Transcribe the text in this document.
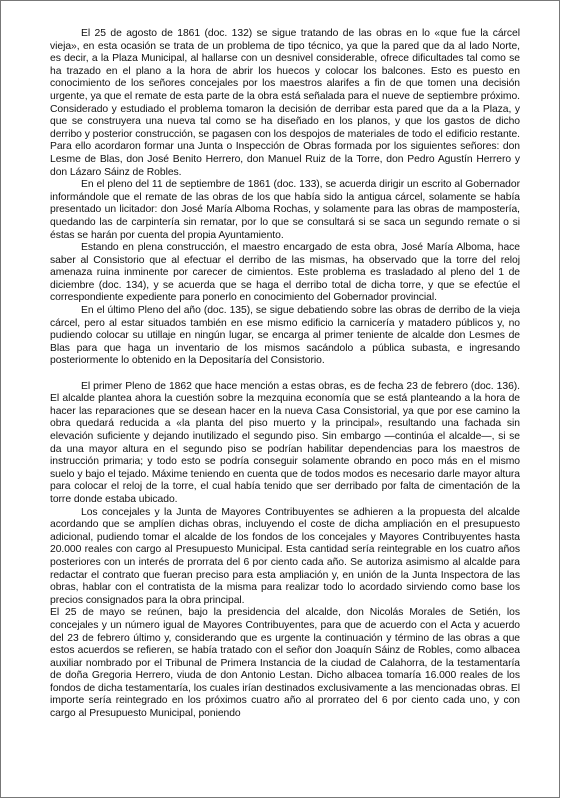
El 25 de agosto de 1861 (doc. 132) se sigue tratando de las obras en lo «que fue la cárcel vieja», en esta ocasión se trata de un problema de tipo técnico, ya que la pared que da al lado Norte, es decir, a la Plaza Municipal, al hallarse con un desnivel considerable, ofrece dificultades tal como se ha trazado en el plano a la hora de abrir los huecos y colocar los balcones. Esto es puesto en conocimiento de los señores concejales por los maestros alarifes a fin de que tomen una decisión urgente, ya que el remate de esta parte de la obra está señalada para el nueve de septiembre próximo. Considerado y estudiado el problema tomaron la decisión de derribar esta pared que da a la Plaza, y que se construyera una nueva tal como se ha diseñado en los planos, y que los gastos de dicho derribo y posterior construcción, se pagasen con los despojos de materiales de todo el edificio restante. Para ello acordaron formar una Junta o Inspección de Obras formada por los siguientes señores: don Lesme de Blas, don José Benito Herrero, don Manuel Ruiz de la Torre, don Pedro Agustín Herrero y don Lázaro Sáinz de Robles.

En el pleno del 11 de septiembre de 1861 (doc. 133), se acuerda dirigir un escrito al Gobernador informándole que el remate de las obras de los que había sido la antigua cárcel, solamente se había presentado un licitador: don José María Alboma Rochas, y solamente para las obras de mampostería, quedando las de carpintería sin rematar, por lo que se consultará si se saca un segundo remate o si éstas se harán por cuenta del propia Ayuntamiento.

Estando en plena construcción, el maestro encargado de esta obra, José María Alboma, hace saber al Consistorio que al efectuar el derribo de las mismas, ha observado que la torre del reloj amenaza ruina inminente por carecer de cimientos. Este problema es trasladado al pleno del 1 de diciembre (doc. 134), y se acuerda que se haga el derribo total de dicha torre, y que se efectúe el correspondiente expediente para ponerlo en conocimiento del Gobernador provincial.

En el último Pleno del año (doc. 135), se sigue debatiendo sobre las obras de derribo de la vieja cárcel, pero al estar situados también en ese mismo edificio la carnicería y matadero públicos y, no pudiendo colocar su utillaje en ningún lugar, se encarga al primer teniente de alcalde don Lesmes de Blas para que haga un inventario de los mismos sacándolo a pública subasta, e ingresando posteriormente lo obtenido en la Depositaría del Consistorio.

El primer Pleno de 1862 que hace mención a estas obras, es de fecha 23 de febrero (doc. 136). El alcalde plantea ahora la cuestión sobre la mezquina economía que se está planteando a la hora de hacer las reparaciones que se desean hacer en la nueva Casa Consistorial, ya que por ese camino la obra quedará reducida a «la planta del piso muerto y la principal», resultando una fachada sin elevación suficiente y dejando inutilizado el segundo piso. Sin embargo —continúa el alcalde—, si se da una mayor altura en el segundo piso se podrían habilitar dependencias para los maestros de instrucción primaria; y todo esto se podría conseguir solamente obrando en poco más en el mismo suelo y bajo el tejado. Máxime teniendo en cuenta que de todos modos es necesario darle mayor altura para colocar el reloj de la torre, el cual había tenido que ser derribado por falta de cimentación de la torre donde estaba ubicado.

Los concejales y la Junta de Mayores Contribuyentes se adhieren a la propuesta del alcalde acordando que se amplíen dichas obras, incluyendo el coste de dicha ampliación en el presupuesto adicional, pudiendo tomar el alcalde de los fondos de los concejales y Mayores Contribuyentes hasta 20.000 reales con cargo al Presupuesto Municipal. Esta cantidad sería reintegrable en los cuatro años posteriores con un interés de prorrata del 6 por ciento cada año. Se autoriza asimismo al alcalde para redactar el contrato que fueran preciso para esta ampliación y, en unión de la Junta Inspectora de las obras, hablar con el contratista de la misma para realizar todo lo acordado sirviendo como base los precios consignados para la obra principal.

El 25 de mayo se reúnen, bajo la presidencia del alcalde, don Nicolás Morales de Setién, los concejales y un número igual de Mayores Contribuyentes, para que de acuerdo con el Acta y acuerdo del 23 de febrero último y, considerando que es urgente la continuación y término de las obras a que estos acuerdos se refieren, se había tratado con el señor don Joaquín Sáinz de Robles, como albacea auxiliar nombrado por el Tribunal de Primera Instancia de la ciudad de Calahorra, de la testamentaría de doña Gregoria Herrero, viuda de don Antonio Lestan. Dicho albacea tomaría 16.000 reales de los fondos de dicha testamentaría, los cuales irían destinados exclusivamente a las mencionadas obras. El importe sería reintegrado en los próximos cuatro año al prorrateo del 6 por ciento cada uno, y con cargo al Presupuesto Municipal, poniendo
